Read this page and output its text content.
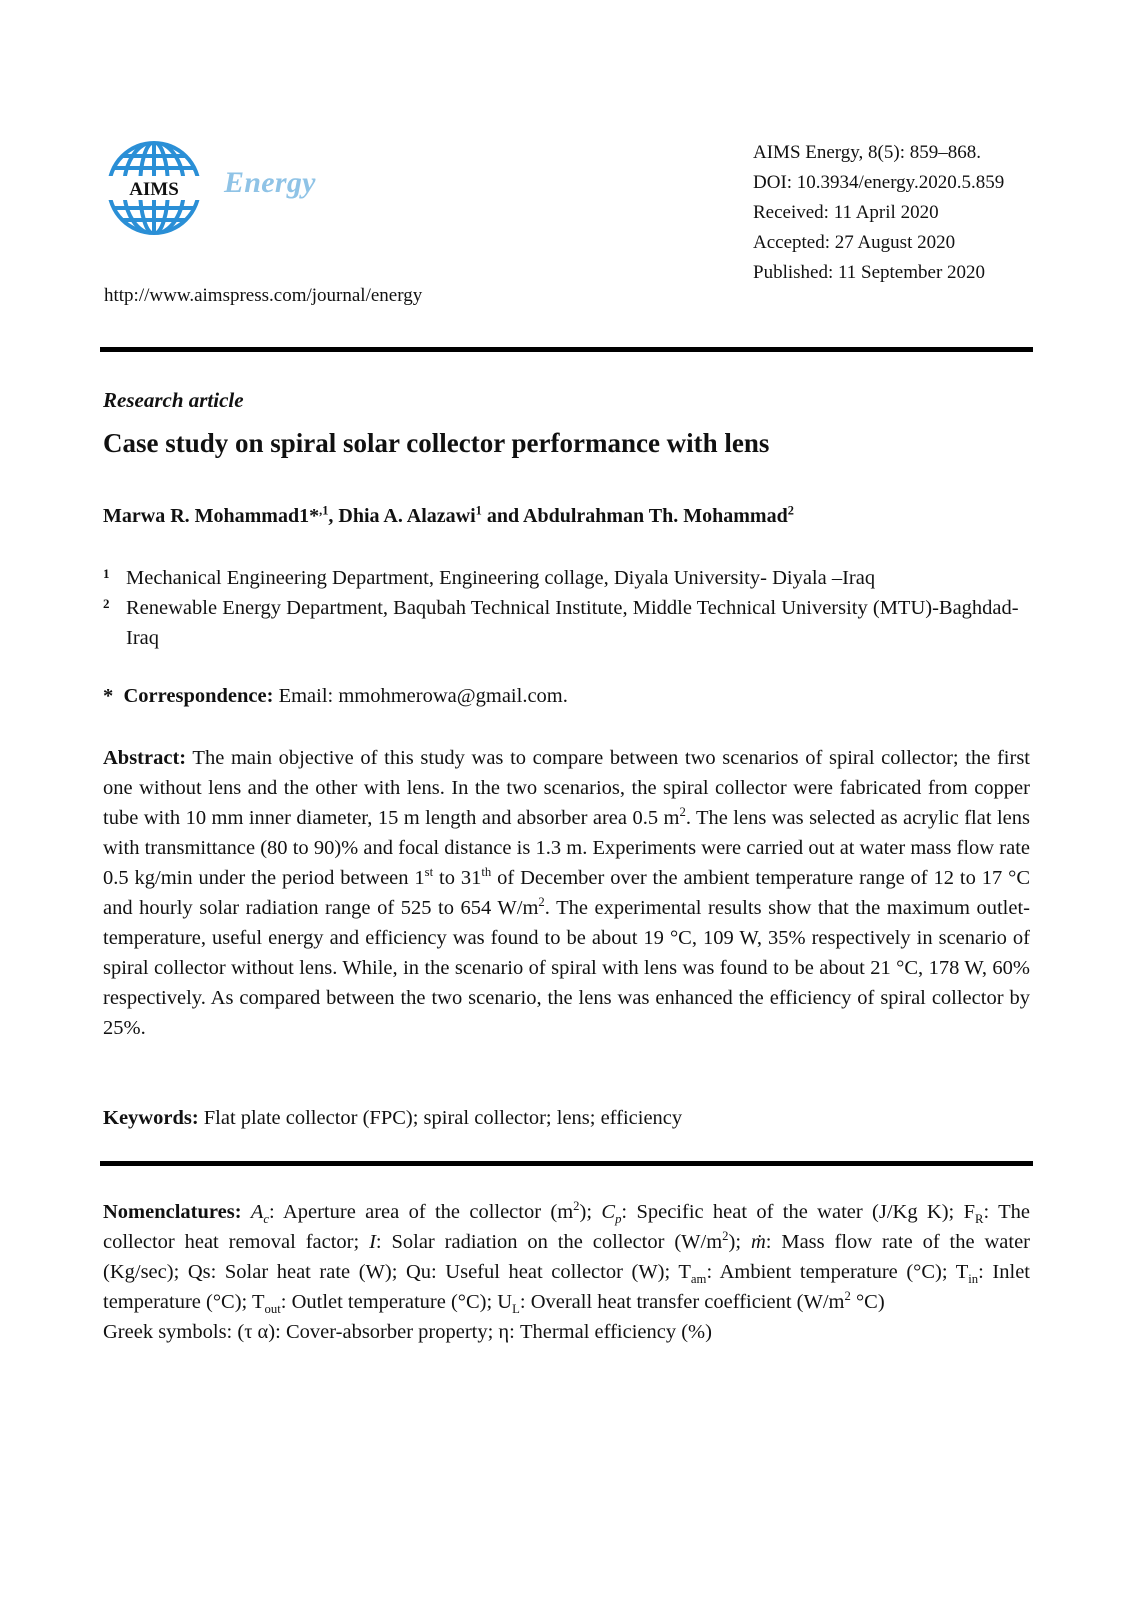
AIMS Energy
http://www.aimspress.com/journal/energy
AIMS Energy, 8(5): 859–868.
DOI: 10.3934/energy.2020.5.859
Received: 11 April 2020
Accepted: 27 August 2020
Published: 11 September 2020
Research article
Case study on spiral solar collector performance with lens
Marwa R. Mohammad1*$^{,1}$, Dhia A. Alazawi$^1$ and Abdulrahman Th. Mohammad$^2$
1 Mechanical Engineering Department, Engineering collage, Diyala University- Diyala –Iraq
2 Renewable Energy Department, Baqubah Technical Institute, Middle Technical University (MTU)-Baghdad-Iraq
* Correspondence: Email: mmohmerowa@gmail.com.
Abstract: The main objective of this study was to compare between two scenarios of spiral collector; the first one without lens and the other with lens. In the two scenarios, the spiral collector were fabricated from copper tube with 10 mm inner diameter, 15 m length and absorber area 0.5 $m^2$. The lens was selected as acrylic flat lens with transmittance (80 to 90)% and focal distance is 1.3 m. Experiments were carried out at water mass flow rate 0.5 kg/min under the period between 1st to 31th of December over the ambient temperature range of 12 to 17 °C and hourly solar radiation range of 525 to 654 $W/m^2$. The experimental results show that the maximum outlet-temperature, useful energy and efficiency was found to be about 19 °C, 109 W, 35% respectively in scenario of spiral collector without lens. While, in the scenario of spiral with lens was found to be about 21 °C, 178 W, 60% respectively. As compared between the two scenario, the lens was enhanced the efficiency of spiral collector by 25%.
Keywords: Flat plate collector (FPC); spiral collector; lens; efficiency
Nomenclatures: $A_c$: Aperture area of the collector $(m^2)$; $C_p$: Specific heat of the water (J/Kg K); $F_R$: The collector heat removal factor; I: Solar radiation on the collector $(W/m^2)$; ṁ: Mass flow rate of the water (Kg/sec); Qs: Solar heat rate (W); Qu: Useful heat collector (W); $T_{am}$: Ambient temperature (°C); $T_{in}$: Inlet temperature (°C); $T_{out}$: Outlet temperature (°C); $U_L$: Overall heat transfer coefficient ($W/m^2$ °C)
Greek symbols: (τ α): Cover-absorber property; η: Thermal efficiency (%)
